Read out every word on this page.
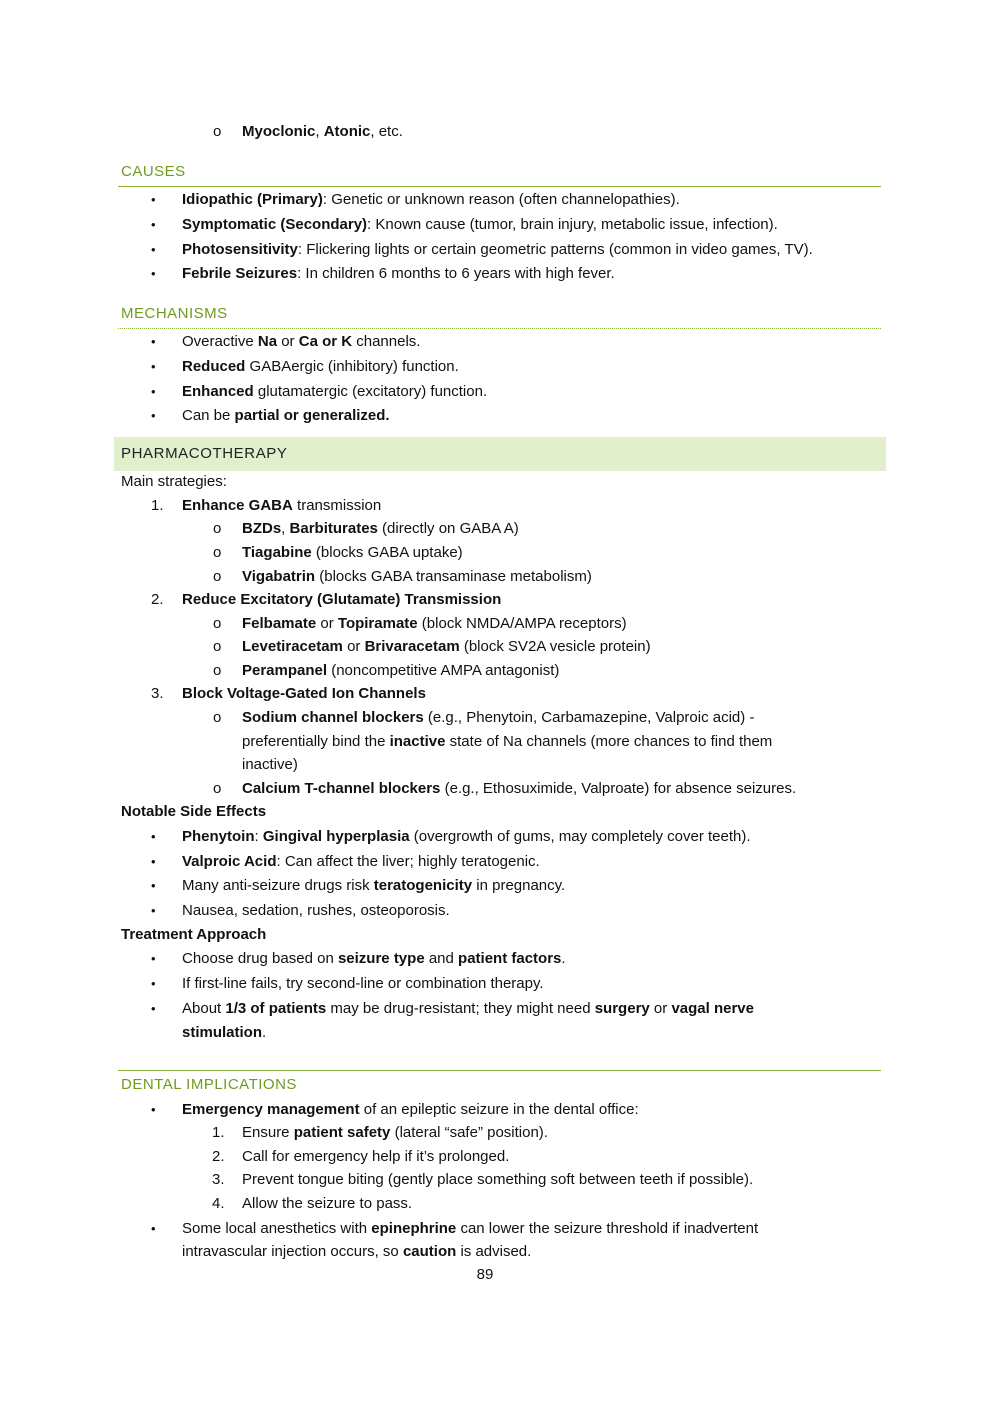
o Myoclonic, Atonic, etc.
CAUSES
• Idiopathic (Primary): Genetic or unknown reason (often channelopathies).
• Symptomatic (Secondary): Known cause (tumor, brain injury, metabolic issue, infection).
• Photosensitivity: Flickering lights or certain geometric patterns (common in video games, TV).
• Febrile Seizures: In children 6 months to 6 years with high fever.
MECHANISMS
• Overactive Na or Ca or K channels.
• Reduced GABAergic (inhibitory) function.
• Enhanced glutamatergic (excitatory) function.
• Can be partial or generalized.
PHARMACOTHERAPY
Main strategies:
1. Enhance GABA transmission
o BZDs, Barbiturates (directly on GABA A)
o Tiagabine (blocks GABA uptake)
o Vigabatrin (blocks GABA transaminase metabolism)
2. Reduce Excitatory (Glutamate) Transmission
o Felbamate or Topiramate (block NMDA/AMPA receptors)
o Levetiracetam or Brivaracetam (block SV2A vesicle protein)
o Perampanel (noncompetitive AMPA antagonist)
3. Block Voltage-Gated Ion Channels
o Sodium channel blockers (e.g., Phenytoin, Carbamazepine, Valproic acid) -
preferentially bind the inactive state of Na channels (more chances to find them
inactive)
o Calcium T-channel blockers (e.g., Ethosuximide, Valproate) for absence seizures.
Notable Side Effects
• Phenytoin: Gingival hyperplasia (overgrowth of gums, may completely cover teeth).
• Valproic Acid: Can affect the liver; highly teratogenic.
• Many anti-seizure drugs risk teratogenicity in pregnancy.
• Nausea, sedation, rushes, osteoporosis.
Treatment Approach
• Choose drug based on seizure type and patient factors.
• If first-line fails, try second-line or combination therapy.
• About 1/3 of patients may be drug-resistant; they might need surgery or vagal nerve
stimulation.
DENTAL IMPLICATIONS
• Emergency management of an epileptic seizure in the dental office:
1. Ensure patient safety (lateral “safe” position).
2. Call for emergency help if it’s prolonged.
3. Prevent tongue biting (gently place something soft between teeth if possible).
4. Allow the seizure to pass.
• Some local anesthetics with epinephrine can lower the seizure threshold if inadvertent
intravascular injection occurs, so caution is advised.
89
